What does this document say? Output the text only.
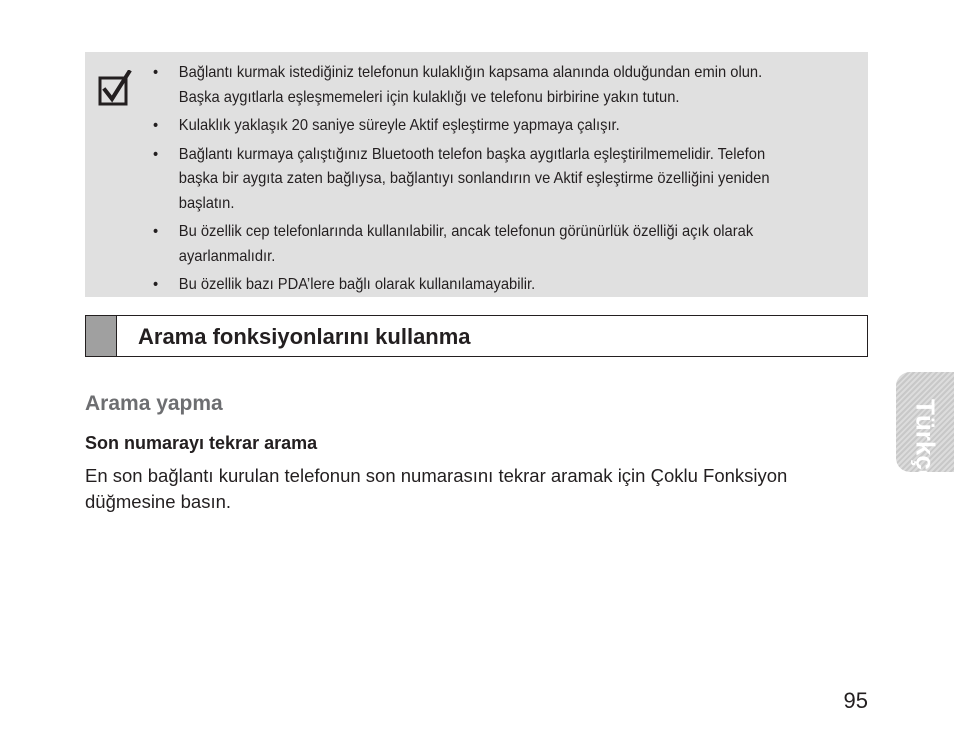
• Bağlantı kurmak istediğiniz telefonun kulaklığın kapsama alanında olduğundan emin olun. Başka aygıtlarla eşleşmemeleri için kulaklığı ve telefonu birbirine yakın tutun.
• Kulaklık yaklaşık 20 saniye süreyle Aktif eşleştirme yapmaya çalışır.
• Bağlantı kurmaya çalıştığınız Bluetooth telefon başka aygıtlarla eşleştirilmemelidir. Telefon başka bir aygıta zaten bağlıysa, bağlantıyı sonlandırın ve Aktif eşleştirme özelliğini yeniden başlatın.
• Bu özellik cep telefonlarında kullanılabilir, ancak telefonun görünürlük özelliği açık olarak ayarlanmalıdır.
• Bu özellik bazı PDA’lere bağlı olarak kullanılamayabilir.
Arama fonksiyonlarını kullanma
Arama yapma
Son numarayı tekrar arama
En son bağlantı kurulan telefonun son numarasını tekrar aramak için Çoklu Fonksiyon düğmesine basın.
Türkçe
95
